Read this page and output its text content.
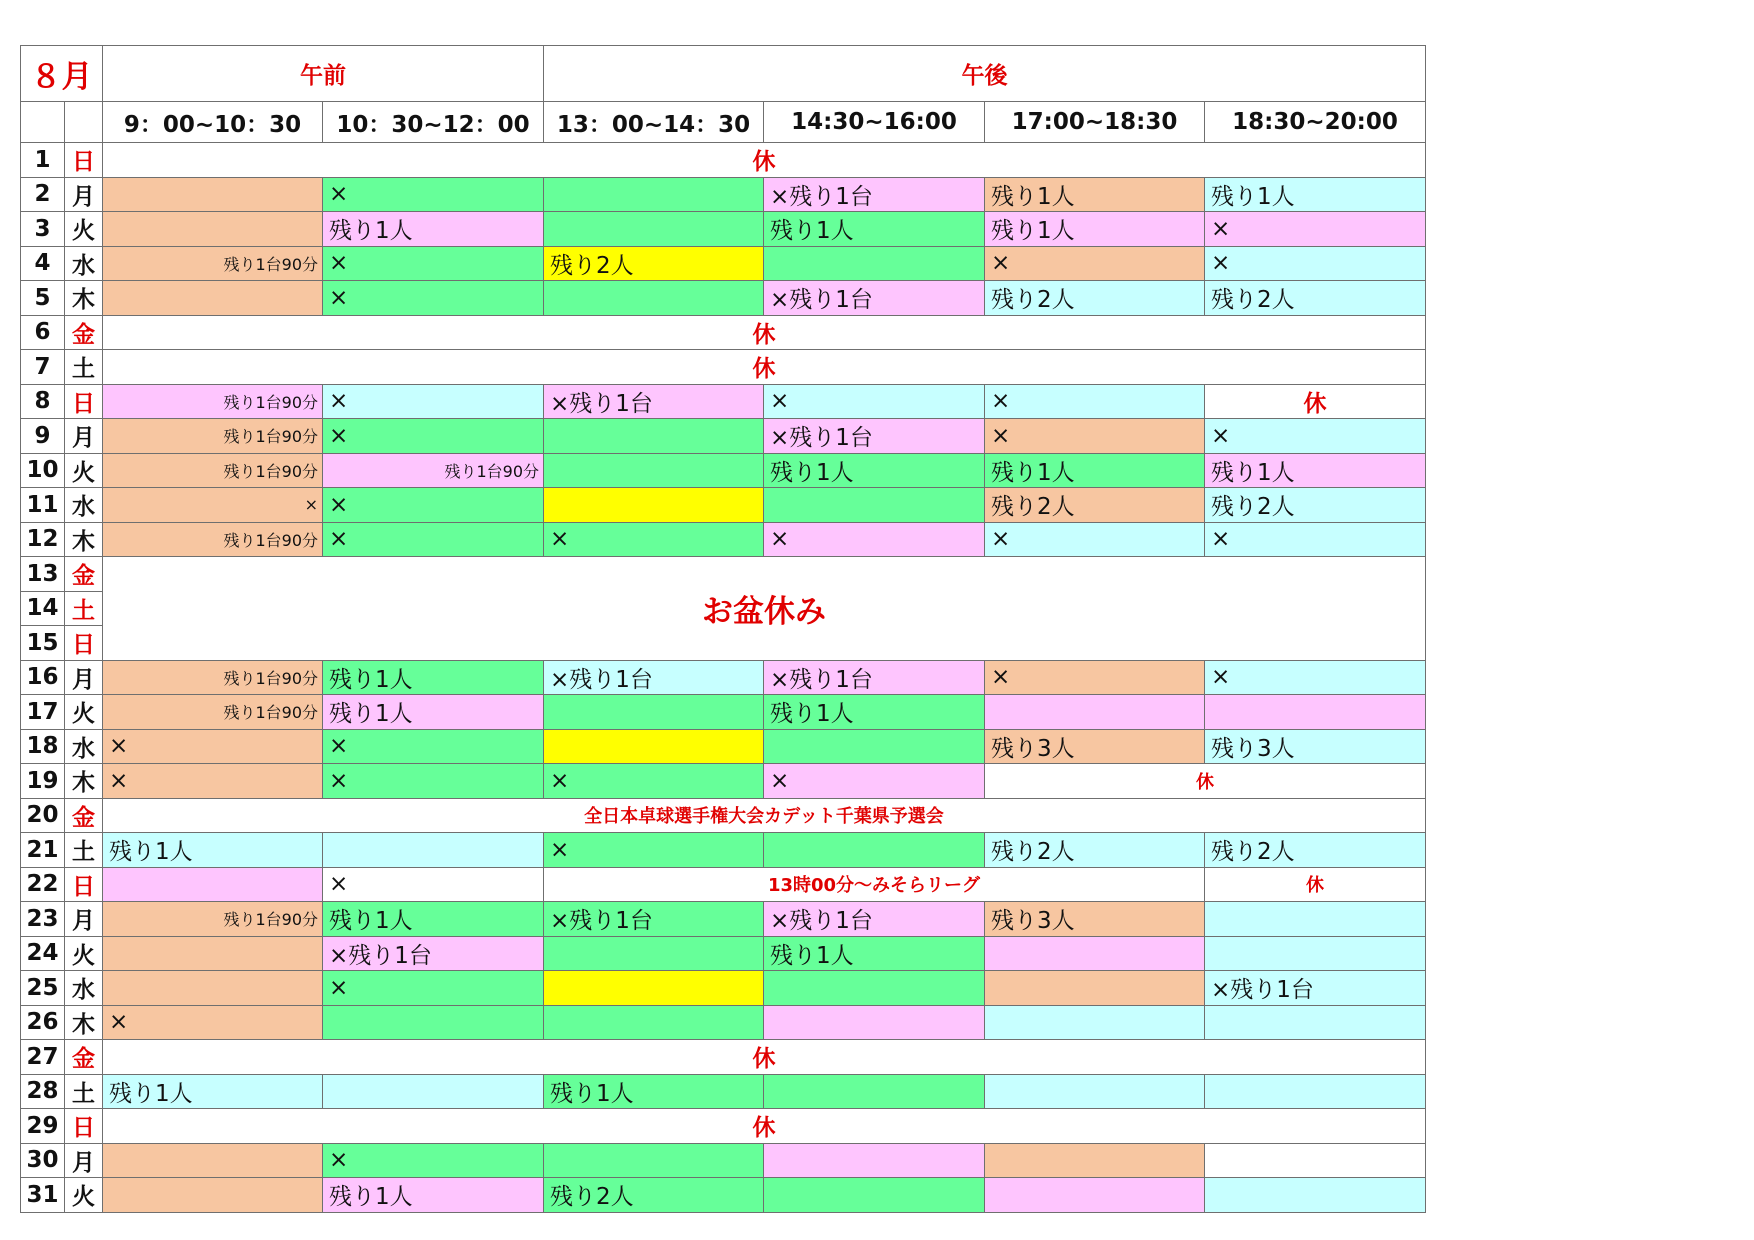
８月		午前		午後			
		9：00~10：30	10：30~12：00	13：00~14：30	14:30~16:00	17:00~18:30	18:30~20:00
1	日	休					
2	月		×		×残り1台	残り1人	残り1人
3	火		残り1人		残り1人	残り1人	×
4	水	残り1台90分	×	残り2人		×	×
5	木		×		×残り1台	残り2人	残り2人
6	金	休					
7	土	休					
8	日	残り1台90分	×	×残り1台	×	×	休
9	月	残り1台90分	×		×残り1台	×	×
10	火	残り1台90分	残り1台90分		残り1人	残り1人	残り1人
11	水	×	×			残り2人	残り2人
12	木	残り1台90分	×	×	×	×	×
13	金	お盆休み					
14	土						
15	日						
16	月	残り1台90分	残り1人	×残り1台	×残り1台	×	×
17	火	残り1台90分	残り1人		残り1人		
18	水	×	×			残り3人	残り3人
19	木	×	×	×	×	休	
20	金	全日本卓球選手権大会カデット千葉県予選会					
21	土	残り1人		×		残り2人	残り2人
22	日		×	13時00分～みそらリーグ			休
23	月	残り1台90分	残り1人	×残り1台	×残り1台	残り3人	
24	火		×残り1台		残り1人		
25	水		×				×残り1台
26	木	×					
27	金	休					
28	土	残り1人		残り1人			
29	日	休					
30	月		×				
31	火		残り1人	残り2人			
